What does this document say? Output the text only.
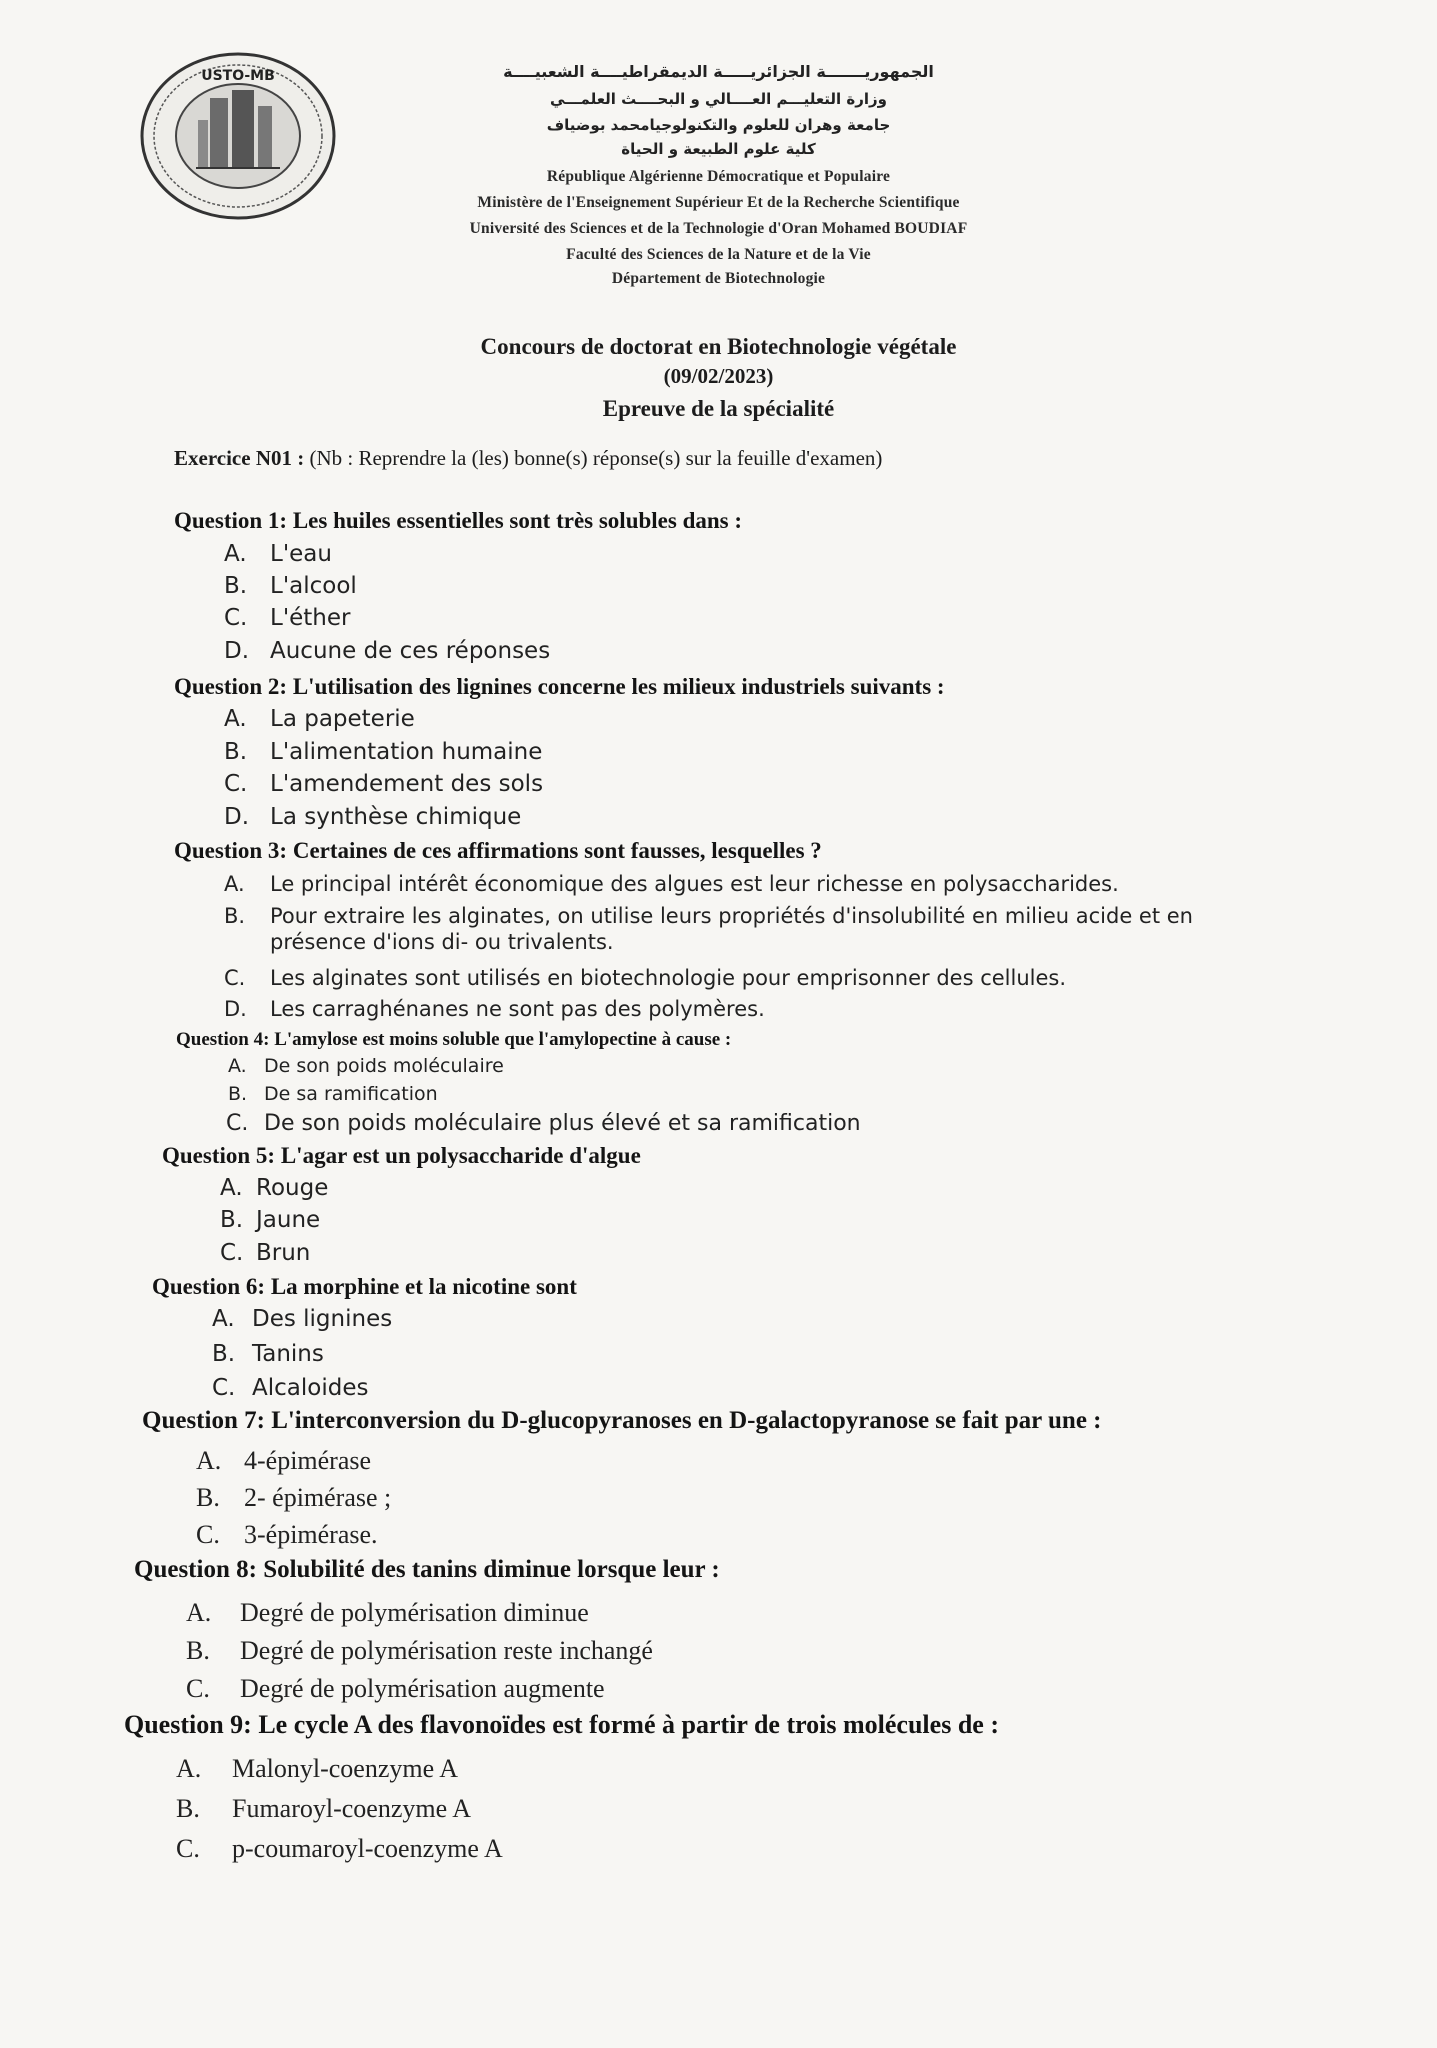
USTO-MB	الجمهوريـــــــة الجزائريـــــة الديمقراطيــــة الشعبيــــة
وزارة التعليـــم العــــالي و البحــــث العلمـــي
جامعة وهران للعلوم والتكنولوجيامحمد بوضياف
كلية علوم الطبيعة و الحياة
République Algérienne Démocratique et Populaire
Ministère de l'Enseignement Supérieur Et de la Recherche Scientifique
Université des Sciences et de la Technologie d'Oran Mohamed BOUDIAF
Faculté des Sciences de la Nature et de la Vie
Département de Biotechnologie
Concours de doctorat en Biotechnologie végétale
(09/02/2023)
Epreuve de la spécialité
Exercice N01 : (Nb : Reprendre la (les) bonne(s) réponse(s) sur la feuille d'examen)
Question 1: Les huiles essentielles sont très solubles dans :
A. L'eau
B. L'alcool
C. L'éther
D. Aucune de ces réponses
Question 2: L'utilisation des lignines concerne les milieux industriels suivants :
A. La papeterie
B. L'alimentation humaine
C. L'amendement des sols
D. La synthèse chimique
Question 3: Certaines de ces affirmations sont fausses, lesquelles ?
A. Le principal intérêt économique des algues est leur richesse en polysaccharides.
B. Pour extraire les alginates, on utilise leurs propriétés d'insolubilité en milieu acide et en
présence d'ions di- ou trivalents.
C. Les alginates sont utilisés en biotechnologie pour emprisonner des cellules.
D. Les carraghénanes ne sont pas des polymères.
Question 4: L'amylose est moins soluble que l'amylopectine à cause :
A. De son poids moléculaire
B. De sa ramification
C. De son poids moléculaire plus élevé et sa ramification
Question 5: L'agar est un polysaccharide d'algue
A. Rouge
B. Jaune
C. Brun
Question 6: La morphine et la nicotine sont
A. Des lignines
B. Tanins
C. Alcaloides
Question 7: L'interconversion du D-glucopyranoses en D-galactopyranose se fait par une :
A. 4-épimérase
B. 2- épimérase ;
C. 3-épimérase.
Question 8: Solubilité des tanins diminue lorsque leur :
A. Degré de polymérisation diminue
B. Degré de polymérisation reste inchangé
C. Degré de polymérisation augmente
Question 9: Le cycle A des flavonoïdes est formé à partir de trois molécules de :
A. Malonyl-coenzyme A
B. Fumaroyl-coenzyme A
C. p-coumaroyl-coenzyme A
